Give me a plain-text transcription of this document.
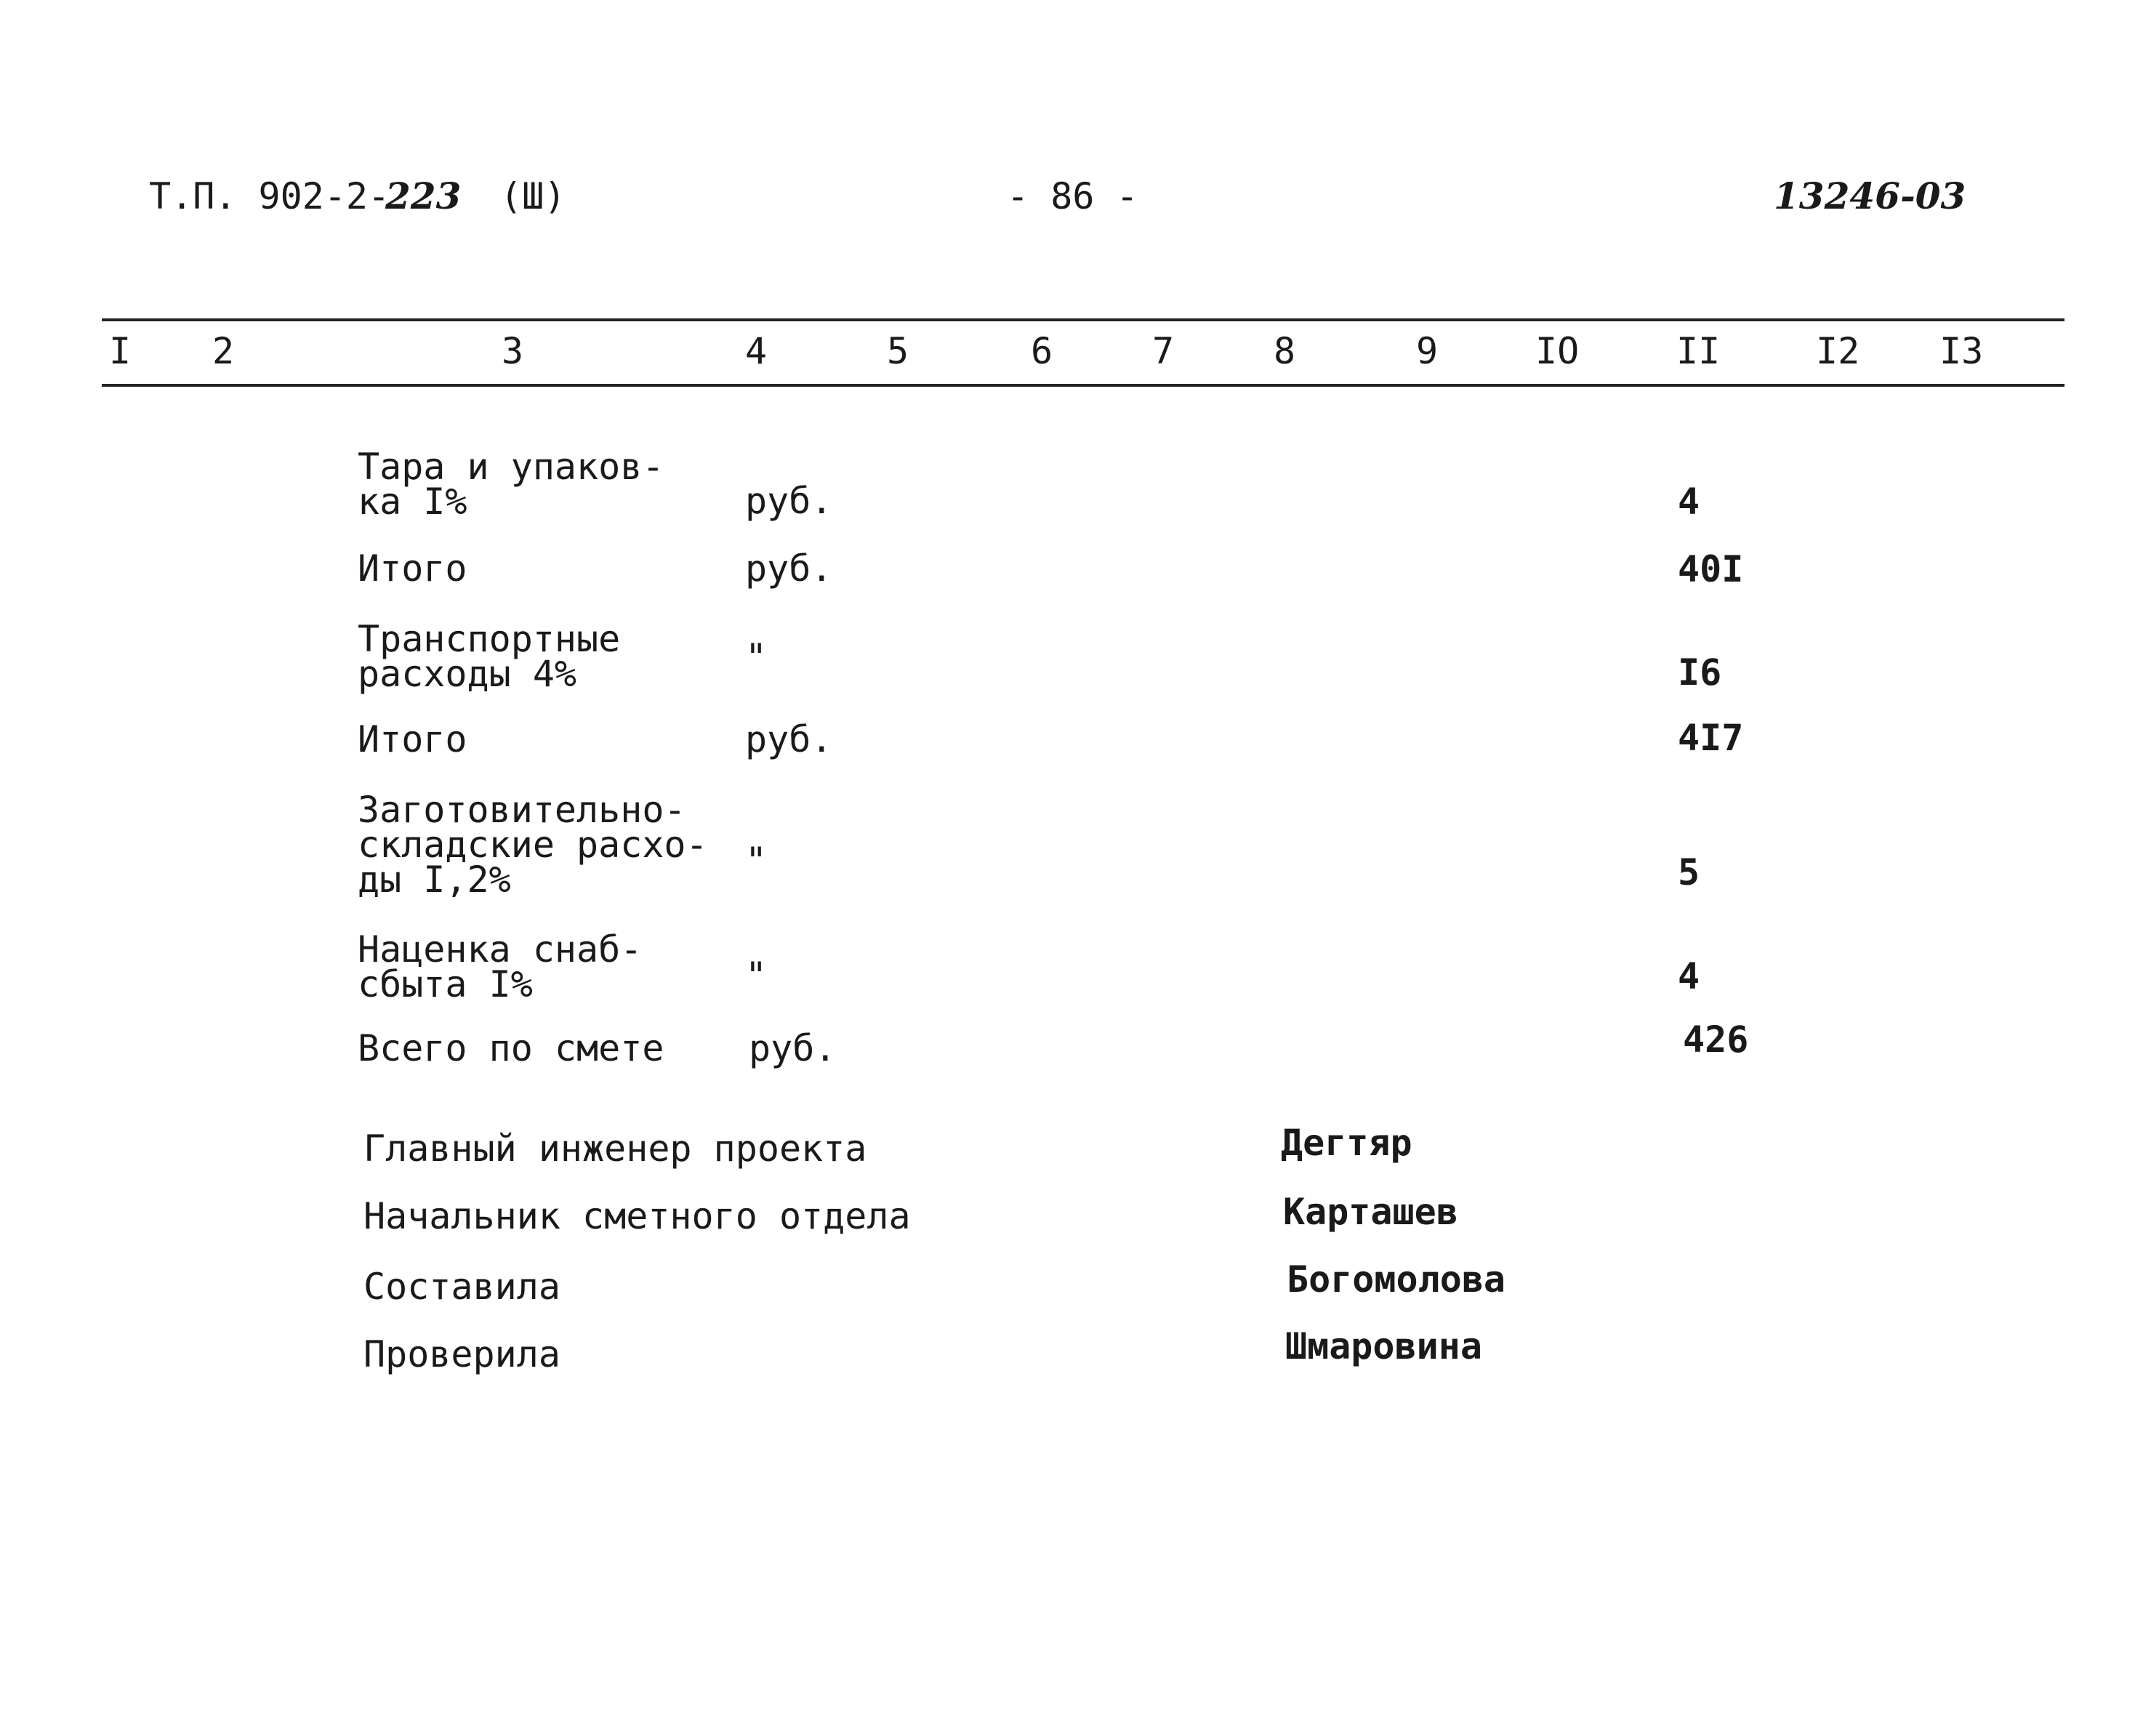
Т.П. 902-2-
223 (Ш)	- 86 -	13246-03
I 2	3	4	5	6	7	8	9	IO	II	I2 I3
Тара и упаков-
ка I%	руб.	4
Итого	руб.	40I
Транспортные
расходы 4%	"	I6
Итого	руб.	4I7
Заготовительно-
складские расхо-
ды I,2%	"	5
Наценка снаб-
сбыта I%	"	4
Всего по смете руб.	426
Главный инженер проекта	Дегтяр
Начальник сметного отдела	Карташев
Составила	Богомолова
Проверила	Шмаровина
